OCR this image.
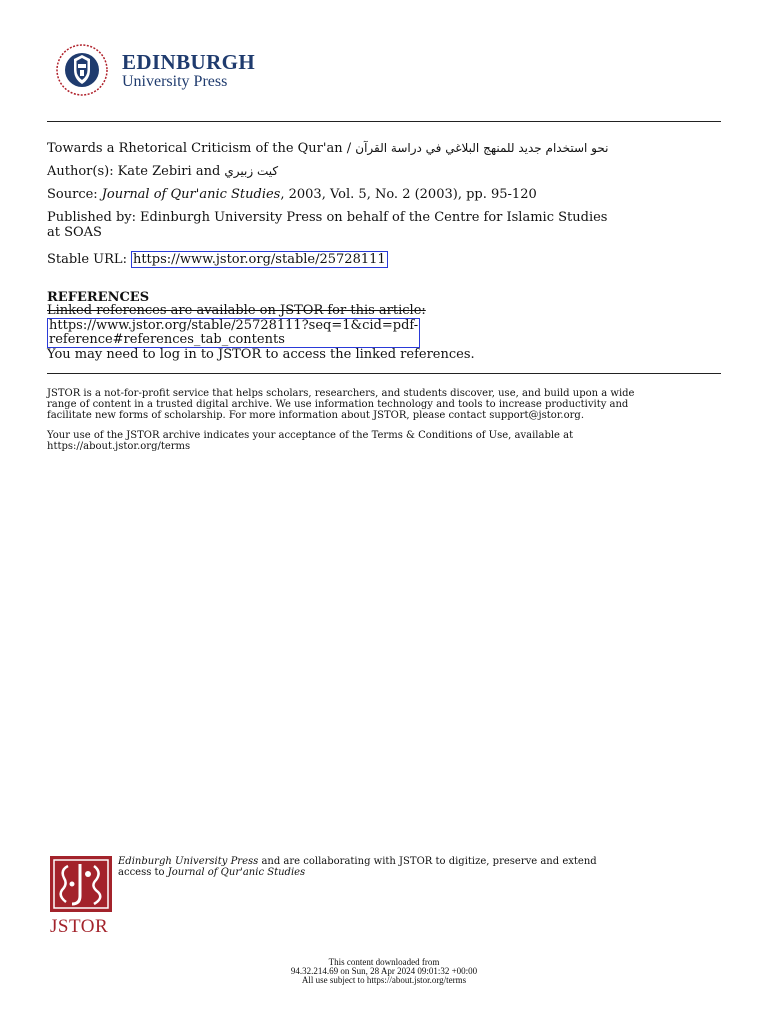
EDINBURGH
University Press
Towards a Rhetorical Criticism of the Qur'an / نحو استخدام جديد للمنهج البلاغي في دراسة القرآن
Author(s): Kate Zebiri and كيت زبيري
Source: Journal of Qur'anic Studies, 2003, Vol. 5, No. 2 (2003), pp. 95-120
Published by: Edinburgh University Press on behalf of the Centre for Islamic Studies
at SOAS
Stable URL: https://www.jstor.org/stable/25728111
REFERENCES
Linked references are available on JSTOR for this article:
https://www.jstor.org/stable/25728111?seq=1&cid=pdf-
reference#references_tab_contents
You may need to log in to JSTOR to access the linked references.
JSTOR is a not-for-profit service that helps scholars, researchers, and students discover, use, and build upon a wide
range of content in a trusted digital archive. We use information technology and tools to increase productivity and
facilitate new forms of scholarship. For more information about JSTOR, please contact support@jstor.org.
Your use of the JSTOR archive indicates your acceptance of the Terms & Conditions of Use, available at
https://about.jstor.org/terms
JSTOR
Edinburgh University Press and are collaborating with JSTOR to digitize, preserve and extend
access to Journal of Qur'anic Studies
This content downloaded from
94.32.214.69 on Sun, 28 Apr 2024 09:01:32 +00:00
All use subject to https://about.jstor.org/terms
